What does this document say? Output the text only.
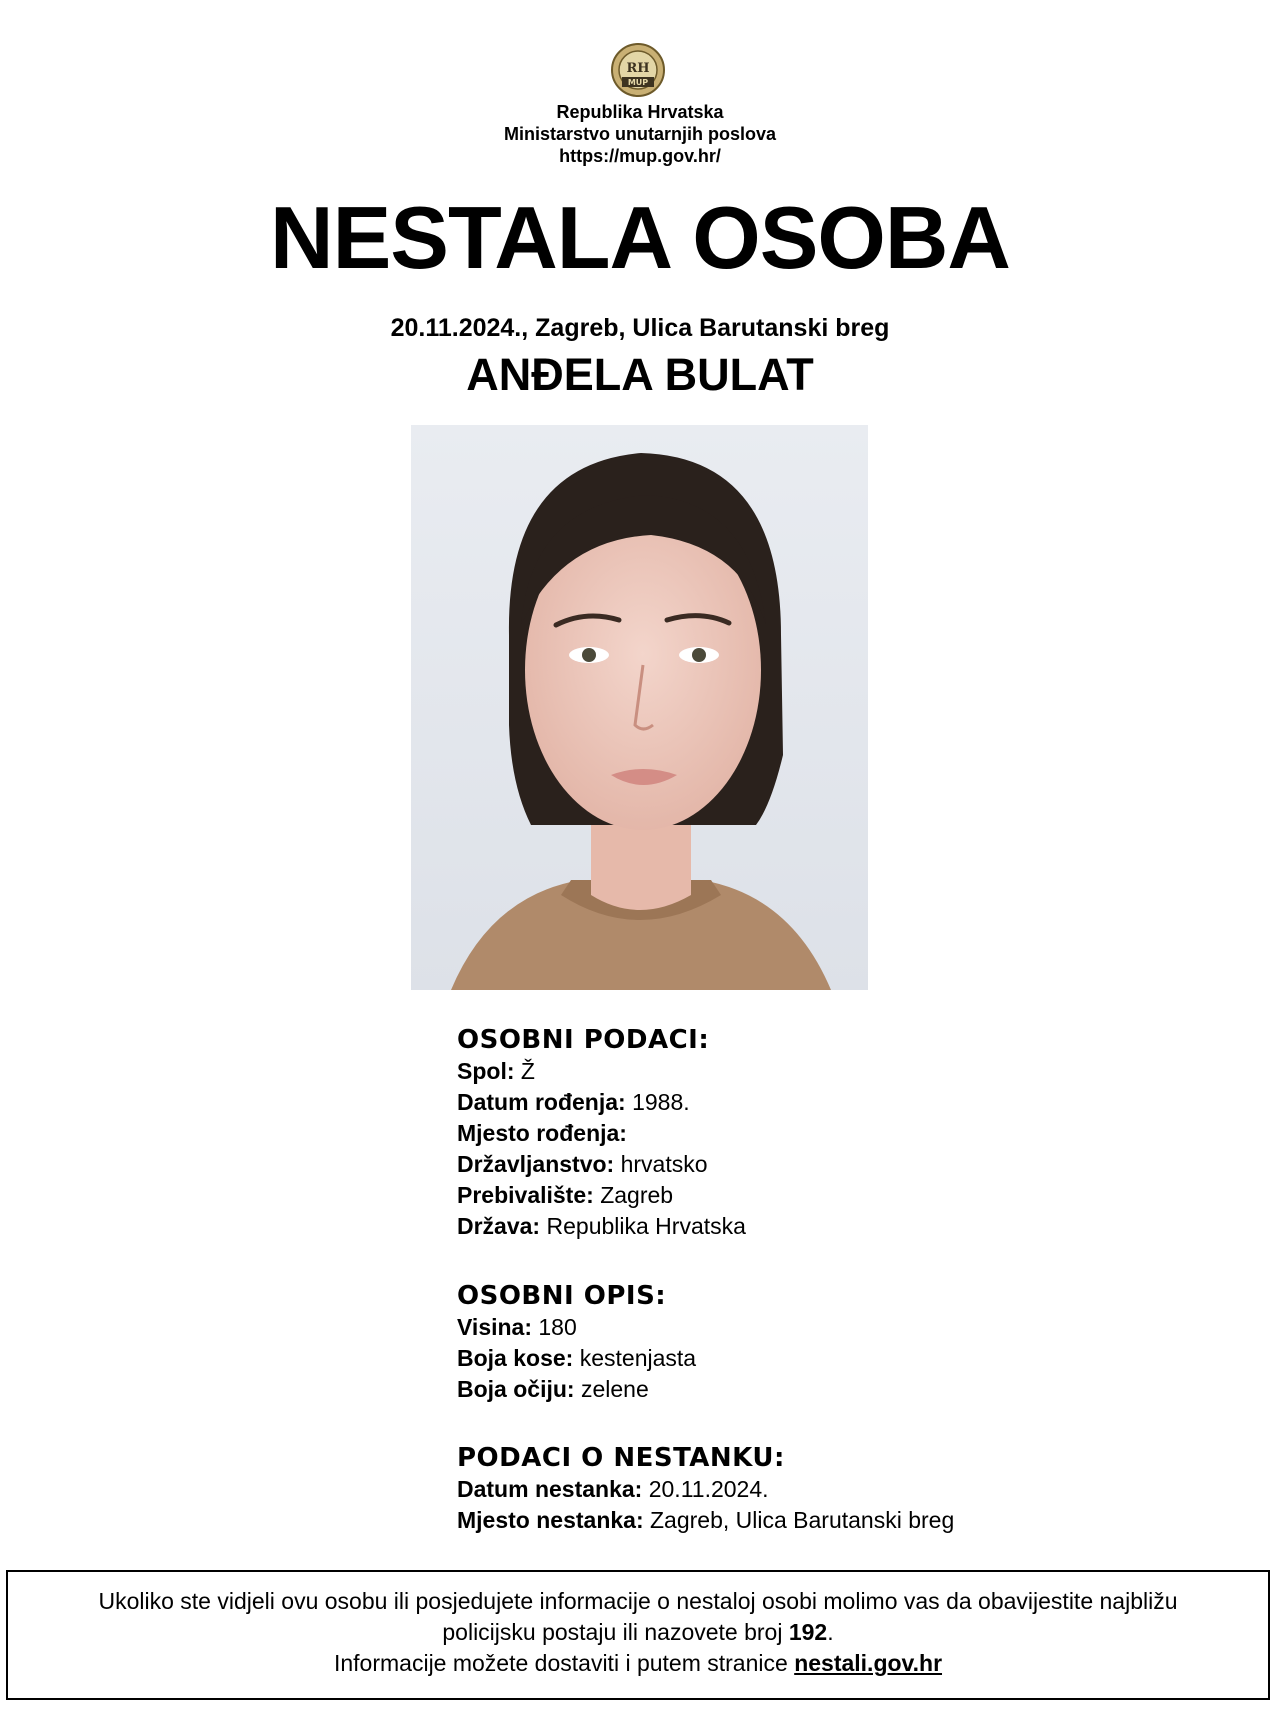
RH
MUP
Republika Hrvatska
Ministarstvo unutarnjih poslova
https://mup.gov.hr/
NESTALA OSOBA
20.11.2024., Zagreb, Ulica Barutanski breg
ANĐELA BULAT

OSOBNI PODACI:

Spol: Ž

Datum rođenja: 1988.

Mjesto rođenja:

Državljanstvo: hrvatsko

Prebivalište: Zagreb

Država: Republika Hrvatska

OSOBNI OPIS:

Visina: 180

Boja kose: kestenjasta

Boja očiju: zelene

PODACI O NESTANKU:

Datum nestanka: 20.11.2024.

Mjesto nestanka: Zagreb, Ulica Barutanski breg

Ukoliko ste vidjeli ovu osobu ili posjedujete informacije o nestaloj osobi molimo vas da obavijestite najbližu
policijsku postaju ili nazovete broj 192.
Informacije možete dostaviti i putem stranice nestali.gov.hr
